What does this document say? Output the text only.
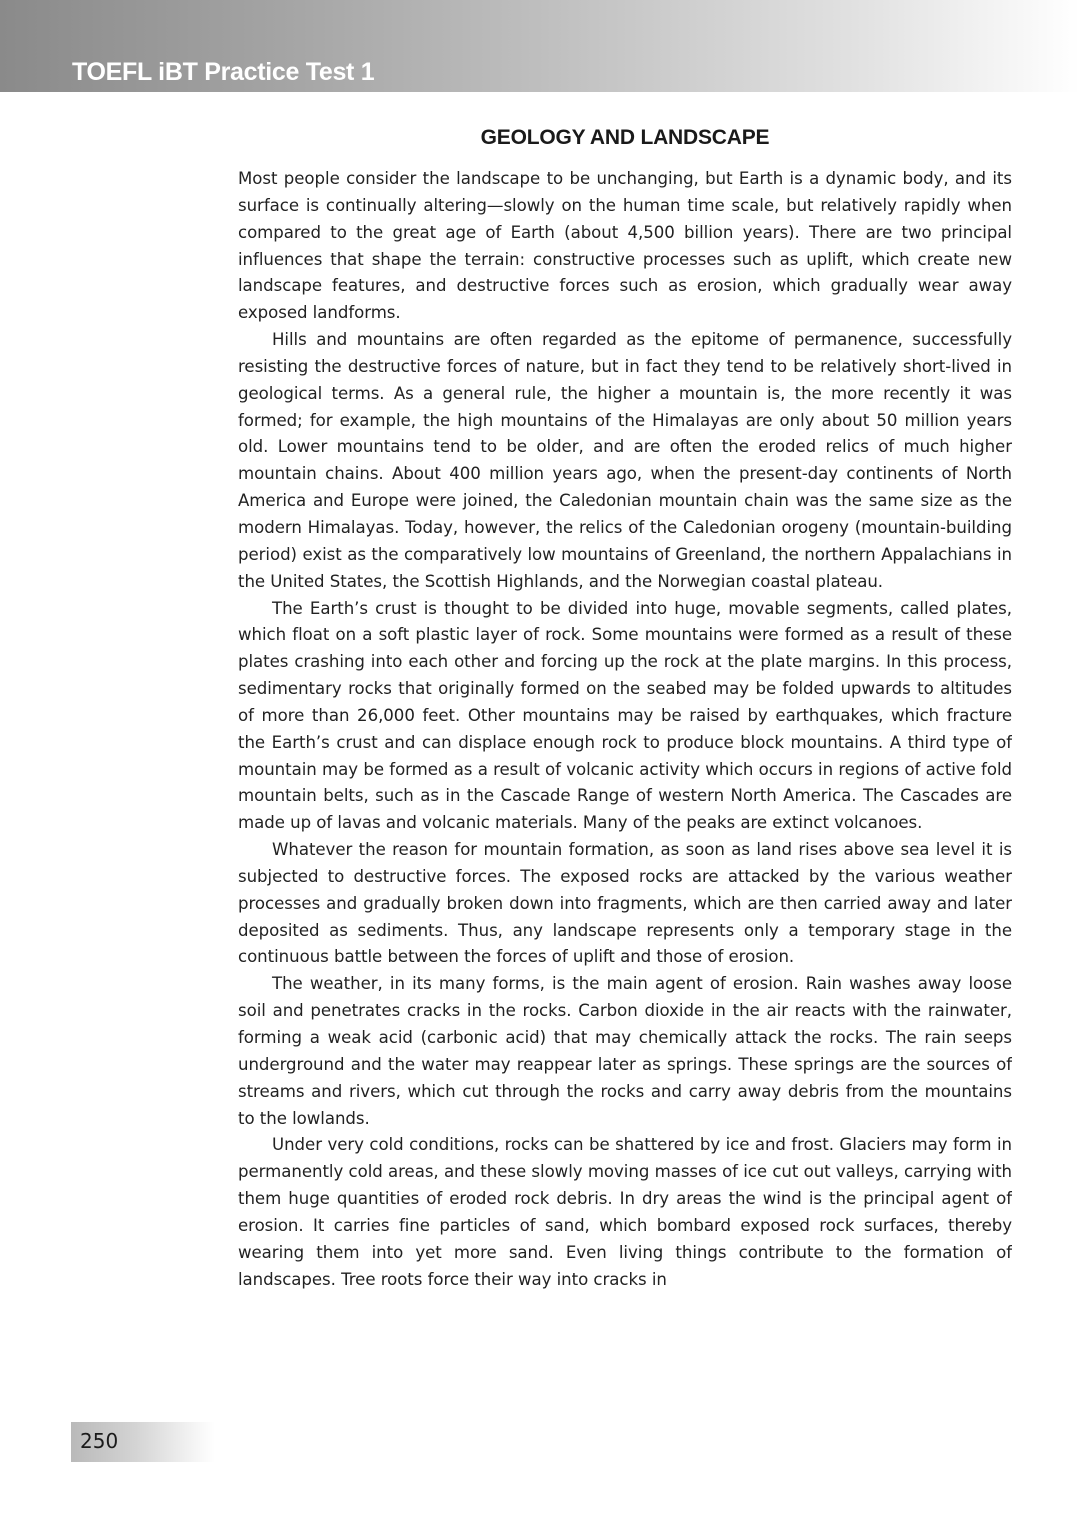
TOEFL iBT Practice Test 1
GEOLOGY AND LANDSCAPE

Most people consider the landscape to be unchanging, but Earth is a dynamic body, and its surface is continually altering—slowly on the human time scale, but relatively rapidly when compared to the great age of Earth (about 4,500 billion years). There are two principal influences that shape the terrain: constructive processes such as uplift, which create new landscape features, and destructive forces such as erosion, which gradually wear away exposed landforms.

Hills and mountains are often regarded as the epitome of permanence, successfully resisting the destructive forces of nature, but in fact they tend to be relatively short-lived in geological terms. As a general rule, the higher a mountain is, the more recently it was formed; for example, the high mountains of the Himalayas are only about 50 million years old. Lower mountains tend to be older, and are often the eroded relics of much higher mountain chains. About 400 million years ago, when the present-day continents of North America and Europe were joined, the Caledonian mountain chain was the same size as the modern Himalayas. Today, however, the relics of the Caledonian orogeny (mountain-building period) exist as the comparatively low mountains of Greenland, the northern Appalachians in the United States, the Scottish Highlands, and the Norwegian coastal plateau.

The Earth’s crust is thought to be divided into huge, movable segments, called plates, which float on a soft plastic layer of rock. Some mountains were formed as a result of these plates crashing into each other and forcing up the rock at the plate margins. In this process, sedimentary rocks that originally formed on the seabed may be folded upwards to altitudes of more than 26,000 feet. Other mountains may be raised by earthquakes, which fracture the Earth’s crust and can displace enough rock to produce block mountains. A third type of mountain may be formed as a result of volcanic activity which occurs in regions of active fold mountain belts, such as in the Cascade Range of western North America. The Cascades are made up of lavas and volcanic materials. Many of the peaks are extinct volcanoes.

Whatever the reason for mountain formation, as soon as land rises above sea level it is subjected to destructive forces. The exposed rocks are attacked by the various weather processes and gradually broken down into fragments, which are then carried away and later deposited as sediments. Thus, any landscape represents only a temporary stage in the continuous battle between the forces of uplift and those of erosion.

The weather, in its many forms, is the main agent of erosion. Rain washes away loose soil and penetrates cracks in the rocks. Carbon dioxide in the air reacts with the rainwater, forming a weak acid (carbonic acid) that may chemically attack the rocks. The rain seeps underground and the water may reappear later as springs. These springs are the sources of streams and rivers, which cut through the rocks and carry away debris from the mountains to the lowlands.

Under very cold conditions, rocks can be shattered by ice and frost. Glaciers may form in permanently cold areas, and these slowly moving masses of ice cut out valleys, carrying with them huge quantities of eroded rock debris. In dry areas the wind is the principal agent of erosion. It carries fine particles of sand, which bombard exposed rock surfaces, thereby wearing them into yet more sand. Even living things contribute to the formation of landscapes. Tree roots force their way into cracks in

250
